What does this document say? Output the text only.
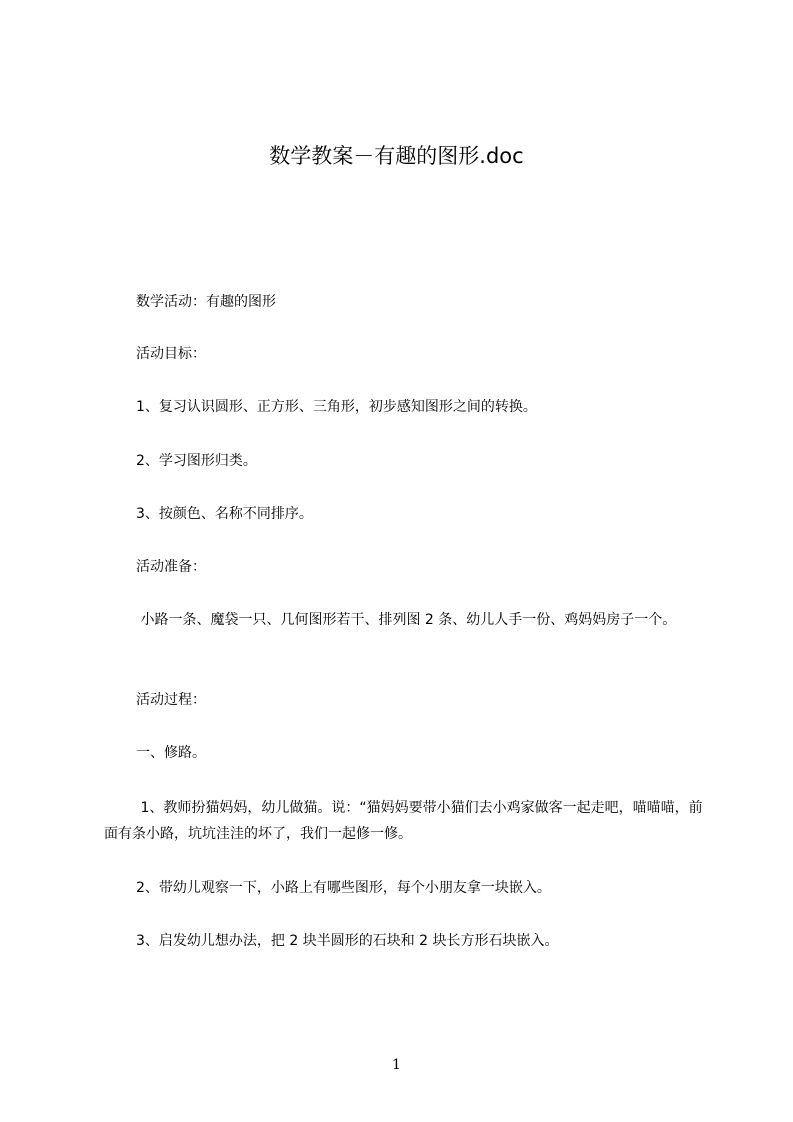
数学教案－有趣的图形.doc
数学活动：有趣的图形
活动目标：
1、复习认识圆形、正方形、三角形，初步感知图形之间的转换。
2、学习图形归类。
3、按颜色、名称不同排序。
活动准备：
小路一条、魔袋一只、几何图形若干、排列图 2 条、幼儿人手一份、鸡妈妈房子一个。
活动过程：
一、修路。
1、教师扮猫妈妈，幼儿做猫。说：“猫妈妈要带小猫们去小鸡家做客一起走吧，喵喵喵，前面有条小路，坑坑洼洼的坏了，我们一起修一修。
2、带幼儿观察一下，小路上有哪些图形，每个小朋友拿一块嵌入。
3、启发幼儿想办法，把 2 块半圆形的石块和 2 块长方形石块嵌入。
1
